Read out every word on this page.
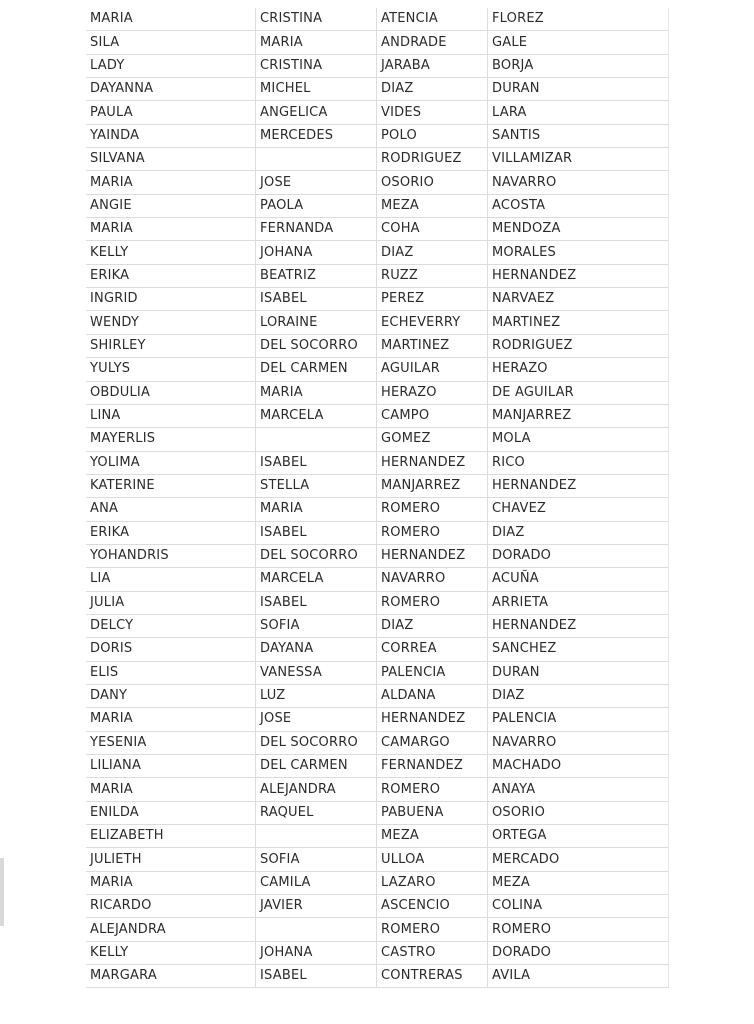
MARIA	CRISTINA	ATENCIA	FLOREZ
SILA	MARIA	ANDRADE	GALE
LADY	CRISTINA	JARABA	BORJA
DAYANNA	MICHEL	DIAZ	DURAN
PAULA	ANGELICA	VIDES	LARA
YAINDA	MERCEDES	POLO	SANTIS
SILVANA		RODRIGUEZ	VILLAMIZAR
MARIA	JOSE	OSORIO	NAVARRO
ANGIE	PAOLA	MEZA	ACOSTA
MARIA	FERNANDA	COHA	MENDOZA
KELLY	JOHANA	DIAZ	MORALES
ERIKA	BEATRIZ	RUZZ	HERNANDEZ
INGRID	ISABEL	PEREZ	NARVAEZ
WENDY	LORAINE	ECHEVERRY	MARTINEZ
SHIRLEY	DEL SOCORRO	MARTINEZ	RODRIGUEZ
YULYS	DEL CARMEN	AGUILAR	HERAZO
OBDULIA	MARIA	HERAZO	DE AGUILAR
LINA	MARCELA	CAMPO	MANJARREZ
MAYERLIS		GOMEZ	MOLA
YOLIMA	ISABEL	HERNANDEZ	RICO
KATERINE	STELLA	MANJARREZ	HERNANDEZ
ANA	MARIA	ROMERO	CHAVEZ
ERIKA	ISABEL	ROMERO	DIAZ
YOHANDRIS	DEL SOCORRO	HERNANDEZ	DORADO
LIA	MARCELA	NAVARRO	ACUÑA
JULIA	ISABEL	ROMERO	ARRIETA
DELCY	SOFIA	DIAZ	HERNANDEZ
DORIS	DAYANA	CORREA	SANCHEZ
ELIS	VANESSA	PALENCIA	DURAN
DANY	LUZ	ALDANA	DIAZ
MARIA	JOSE	HERNANDEZ	PALENCIA
YESENIA	DEL SOCORRO	CAMARGO	NAVARRO
LILIANA	DEL CARMEN	FERNANDEZ	MACHADO
MARIA	ALEJANDRA	ROMERO	ANAYA
ENILDA	RAQUEL	PABUENA	OSORIO
ELIZABETH		MEZA	ORTEGA
JULIETH	SOFIA	ULLOA	MERCADO
MARIA	CAMILA	LAZARO	MEZA
RICARDO	JAVIER	ASCENCIO	COLINA
ALEJANDRA		ROMERO	ROMERO
KELLY	JOHANA	CASTRO	DORADO
MARGARA	ISABEL	CONTRERAS	AVILA
